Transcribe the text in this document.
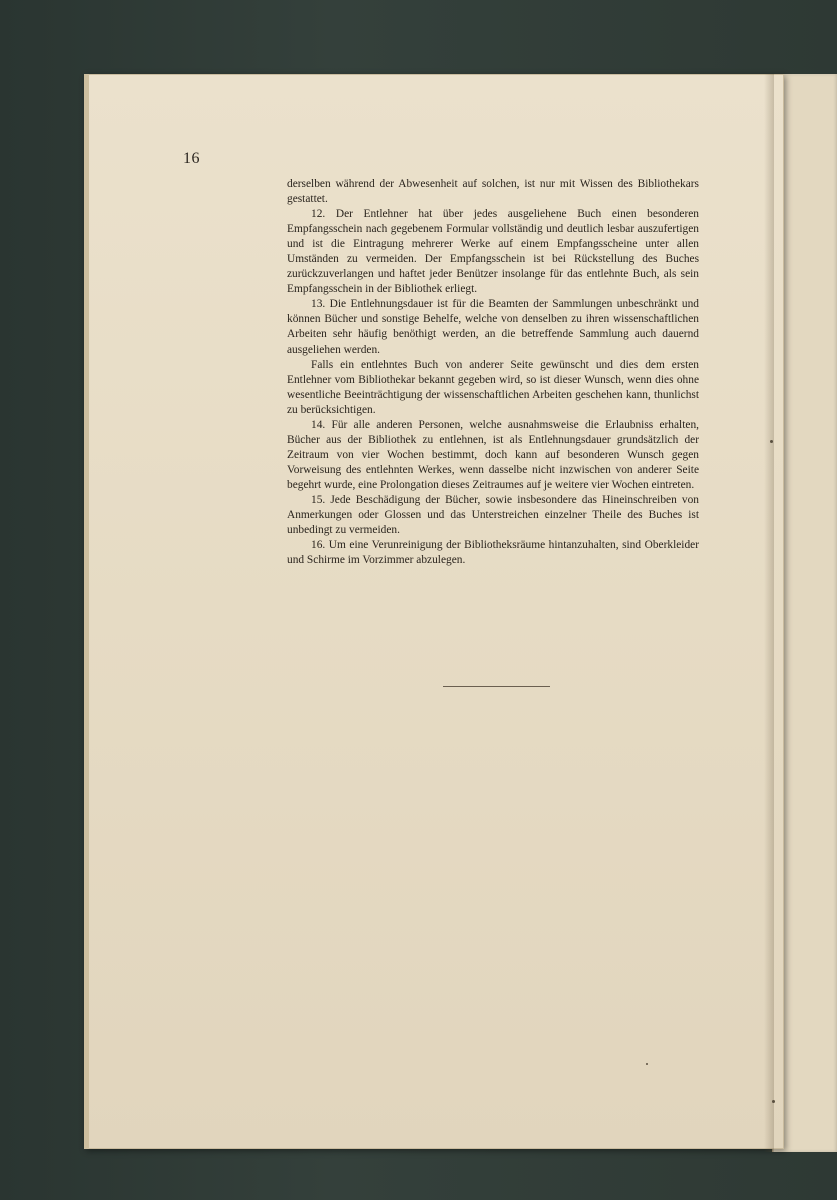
16

derselben während der Abwesenheit auf solchen, ist nur mit Wissen des Bibliothekars gestattet.

12. Der Entlehner hat über jedes ausgeliehene Buch einen besonderen Empfangsschein nach gegebenem Formular vollständig und deutlich lesbar auszufertigen und ist die Eintragung mehrerer Werke auf einem Empfangsscheine unter allen Umständen zu vermeiden. Der Empfangsschein ist bei Rückstellung des Buches zurückzuverlangen und haftet jeder Benützer insolange für das entlehnte Buch, als sein Empfangsschein in der Bibliothek erliegt.

13. Die Entlehnungsdauer ist für die Beamten der Sammlungen unbeschränkt und können Bücher und sonstige Behelfe, welche von denselben zu ihren wissenschaftlichen Arbeiten sehr häufig benöthigt werden, an die betreffende Sammlung auch dauernd ausgeliehen werden.

Falls ein entlehntes Buch von anderer Seite gewünscht und dies dem ersten Entlehner vom Bibliothekar bekannt gegeben wird, so ist dieser Wunsch, wenn dies ohne wesentliche Beeinträchtigung der wissenschaftlichen Arbeiten geschehen kann, thunlichst zu berücksichtigen.

14. Für alle anderen Personen, welche ausnahmsweise die Erlaubniss erhalten, Bücher aus der Bibliothek zu entlehnen, ist als Entlehnungsdauer grundsätzlich der Zeitraum von vier Wochen bestimmt, doch kann auf besonderen Wunsch gegen Vorweisung des entlehnten Werkes, wenn dasselbe nicht inzwischen von anderer Seite begehrt wurde, eine Prolongation dieses Zeitraumes auf je weitere vier Wochen eintreten.

15. Jede Beschädigung der Bücher, sowie insbesondere das Hineinschreiben von Anmerkungen oder Glossen und das Unterstreichen einzelner Theile des Buches ist unbedingt zu vermeiden.

16. Um eine Verunreinigung der Bibliotheksräume hintanzuhalten, sind Oberkleider und Schirme im Vorzimmer abzulegen.
